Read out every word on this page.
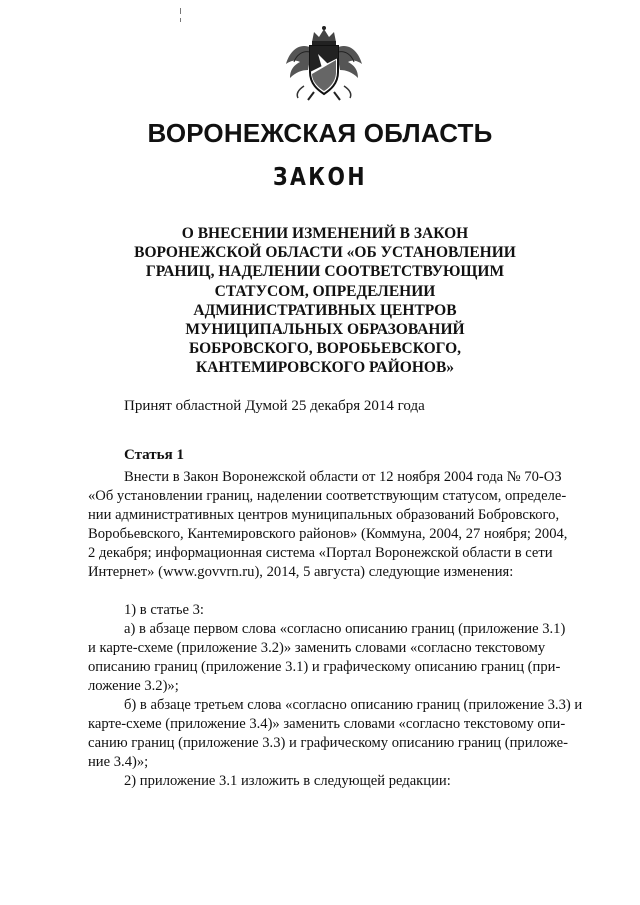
ВОРОНЕЖСКАЯ ОБЛАСТЬ
ЗАКОН
О ВНЕСЕНИИ ИЗМЕНЕНИЙ В ЗАКОН
ВОРОНЕЖСКОЙ ОБЛАСТИ «ОБ УСТАНОВЛЕНИИ
ГРАНИЦ, НАДЕЛЕНИИ СООТВЕТСТВУЮЩИМ
СТАТУСОМ, ОПРЕДЕЛЕНИИ
АДМИНИСТРАТИВНЫХ ЦЕНТРОВ
МУНИЦИПАЛЬНЫХ ОБРАЗОВАНИЙ
БОБРОВСКОГО, ВОРОБЬЕВСКОГО,
КАНТЕМИРОВСКОГО РАЙОНОВ»
Принят областной Думой 25 декабря 2014 года
Статья 1
Внести в Закон Воронежской области от 12 ноября 2004 года № 70-ОЗ
«Об установлении границ, наделении соответствующим статусом, определе-
нии административных центров муниципальных образований Бобровского,
Воробьевского, Кантемировского районов» (Коммуна, 2004, 27 ноября; 2004,
2 декабря; информационная система «Портал Воронежской области в сети
Интернет» (www.govvrn.ru), 2014, 5 августа) следующие изменения:
1) в статье 3:
а) в абзаце первом слова «согласно описанию границ (приложение 3.1)
и карте-схеме (приложение 3.2)» заменить словами «согласно текстовому
описанию границ (приложение 3.1) и графическому описанию границ (при-
ложение 3.2)»;
б) в абзаце третьем слова «согласно описанию границ (приложение 3.3) и
карте-схеме (приложение 3.4)» заменить словами «согласно текстовому опи-
санию границ (приложение 3.3) и графическому описанию границ (приложе-
ние 3.4)»;
2) приложение 3.1 изложить в следующей редакции:
